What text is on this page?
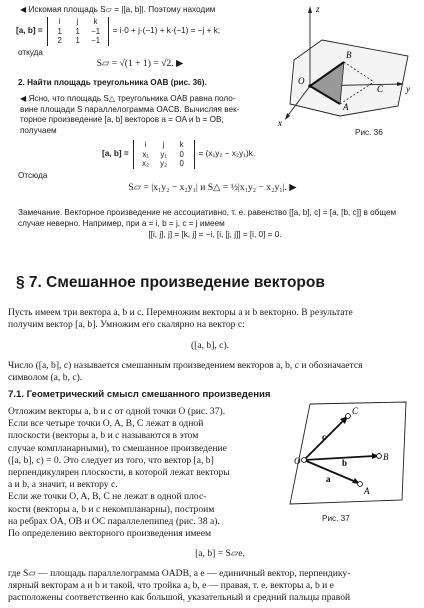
◀ Искомая площадь S▱ = |[a, b]|. Поэтому находим
[a, b] =
i	j	k
1	1	−1
2	1	−1
= i·0 + j·(−1) + k·(−1) = −j + k;
откуда
S▱ = √(1 + 1) = √2. ▶
2. Найти площадь треугольника OAB (рис. 36).
◀ Ясно, что площадь S△ треугольника OAB равна поло-
вине площади S параллелограмма OACB. Вычисляя век-
торное произведение [a, b] векторов a = OA и b = OB,
получаем
[a, b] =
i	j	k
x₁	y₁	0
x₂	y₂	0
= (x₁y₂ − x₂y₁)k.
Отсюда
S▱ = |x₁y₂ − x₂y₁| и S△ = ½|x₁y₂ − x₂y₁|. ▶
Замечание. Векторное произведение не ассоциативно, т. е. равенство [[a, b], c] = [a, [b, c]] в общем
случае неверно. Например, при a = i, b = j, c = j имеем
[[i, j], j] = [k, j] = −i, [i, [j, j]] = [i, 0] = 0.
z
O
B
A
C	y
x
Рис. 36
§ 7. Смешанное произведение векторов
Пусть имеем три вектора a, b и c. Перемножим векторы a и b векторно. В результате
получим вектор [a, b]. Умножим его скалярно на вектор c:
([a, b], c).
Число ([a, b], c) называется смешанным произведением векторов a, b, c и обозначается
символом (a, b, c).
7.1. Геометрический смысл смешанного произведения
Отложим векторы a, b и c от одной точки O (рис. 37).
Если все четыре точки O, A, B, C лежат в одной
плоскости (векторы a, b и c называются в этом
случае компланарными), то смешанное произведение
([a, b], c) = 0. Это следует из того, что вектор [a, b]
перпендикулярен плоскости, в которой лежат векторы
a и b, а значит, и вектору c.
Если же точки O, A, B, C не лежат в одной плос-
кости (векторы a, b и c некомпланарны), построим
на ребрах OA, OB и OC параллелепипед (рис. 38 а).
По определению векторного произведения имеем
[a, b] = S▱e,
где S▱ — площадь параллелограмма OADB, а e — единичный вектор, перпендику-
лярный векторам a и b и такой, что тройка a, b, e — правая, т. е. векторы a, b и e
расположены соответственно как большой, указательный и средний пальцы правой
O
c
b
a
C
B
A
Рис. 37
